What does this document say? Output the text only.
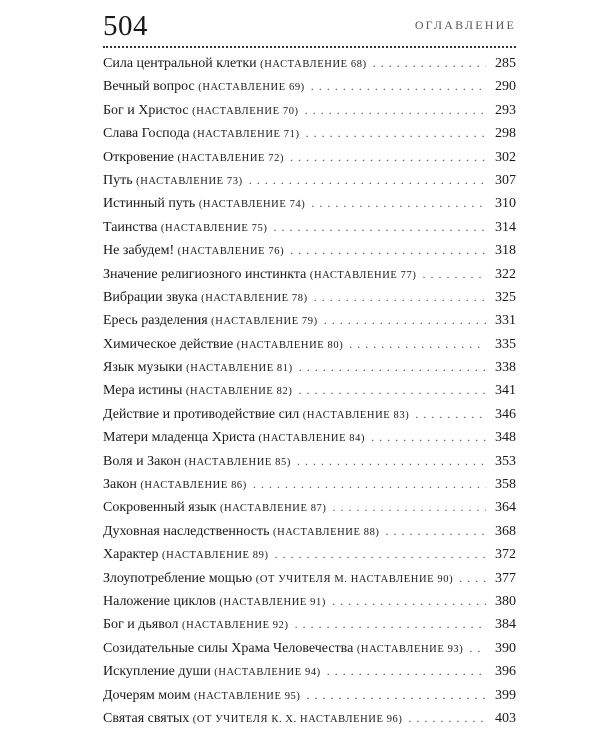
504	ОГЛАВЛЕНИЕ
Сила центральной клетки (НАСТАВЛЕНИЕ 68) . . .	285
Вечный вопрос (НАСТАВЛЕНИЕ 69) . . .	290
Бог и Христос (НАСТАВЛЕНИЕ 70) . . .	293
Слава Господа (НАСТАВЛЕНИЕ 71) . . .	298
Откровение (НАСТАВЛЕНИЕ 72) . . .	302
Путь (НАСТАВЛЕНИЕ 73) . . .	307
Истинный путь (НАСТАВЛЕНИЕ 74) . . .	310
Таинства (НАСТАВЛЕНИЕ 75) . . .	314
Не забудем! (НАСТАВЛЕНИЕ 76) . . .	318
Значение религиозного инстинкта (НАСТАВЛЕНИЕ 77) . . .	322
Вибрации звука (НАСТАВЛЕНИЕ 78) . . .	325
Ересь разделения (НАСТАВЛЕНИЕ 79) . . .	331
Химическое действие (НАСТАВЛЕНИЕ 80) . . .	335
Язык музыки (НАСТАВЛЕНИЕ 81) . . .	338
Мера истины (НАСТАВЛЕНИЕ 82) . . .	341
Действие и противодействие сил (НАСТАВЛЕНИЕ 83) . . .	346
Матери младенца Христа (НАСТАВЛЕНИЕ 84) . . .	348
Воля и Закон (НАСТАВЛЕНИЕ 85) . . .	353
Закон (НАСТАВЛЕНИЕ 86) . . .	358
Сокровенный язык (НАСТАВЛЕНИЕ 87) . . .	364
Духовная наследственность (НАСТАВЛЕНИЕ 88) . . .	368
Характер (НАСТАВЛЕНИЕ 89) . . .	372
Злоупотребление мощью (ОТ УЧИТЕЛЯ М. НАСТАВЛЕНИЕ 90) . . .	377
Наложение циклов (НАСТАВЛЕНИЕ 91) . . .	380
Бог и дьявол (НАСТАВЛЕНИЕ 92) . . .	384
Созидательные силы Храма Человечества (НАСТАВЛЕНИЕ 93) . . . 390
Искупление души (НАСТАВЛЕНИЕ 94) . . .	396
Дочерям моим (НАСТАВЛЕНИЕ 95) . . .	399
Святая святых (ОТ УЧИТЕЛЯ К. Х. НАСТАВЛЕНИЕ 96) . . .	403
